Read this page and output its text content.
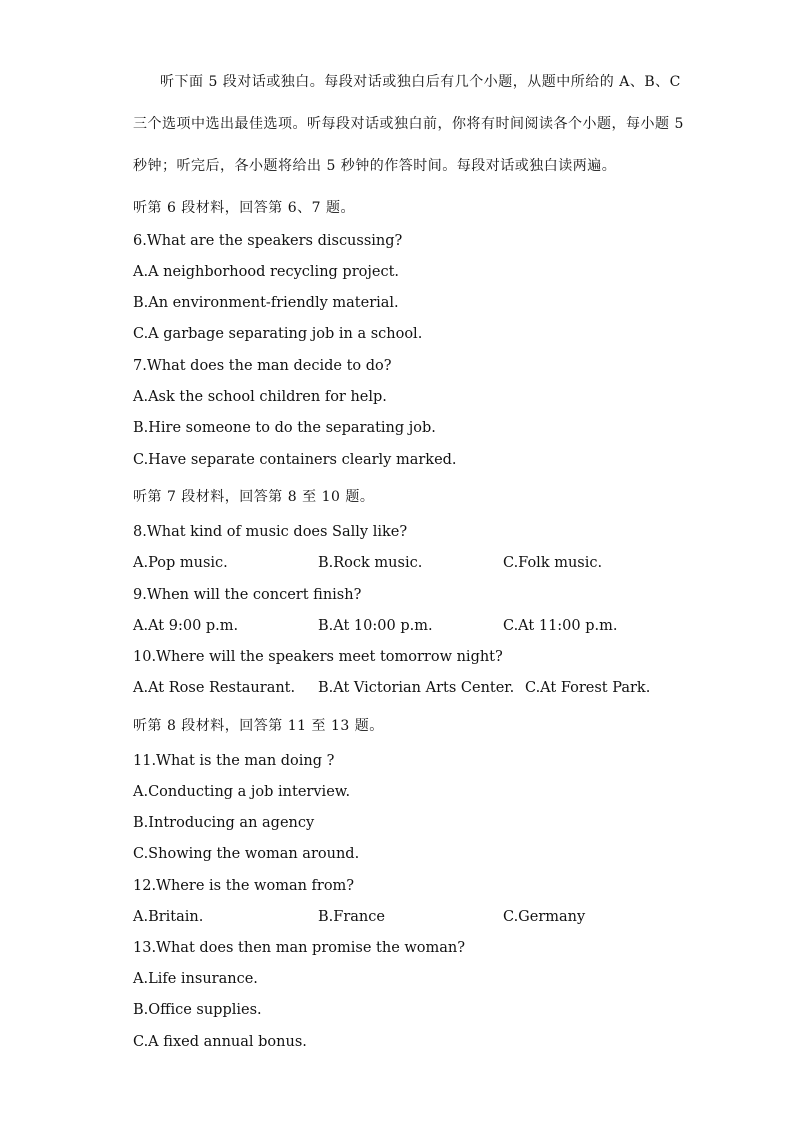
听下面 5 段对话或独白。每段对话或独白后有几个小题，从题中所给的 A、B、C
三个选项中选出最佳选项。听每段对话或独白前，你将有时间阅读各个小题，每小题 5
秒钟；听完后，各小题将给出 5 秒钟的作答时间。每段对话或独白读两遍。
听第 6 段材料，回答第 6、7 题。
6.What are the speakers discussing?
A.A neighborhood recycling project.
B.An environment-friendly material.
C.A garbage separating job in a school.
7.What does the man decide to do?
A.Ask the school children for help.
B.Hire someone to do the separating job.
C.Have separate containers clearly marked.
听第 7 段材料，回答第 8 至 10 题。
8.What kind of music does Sally like?
A.Pop music.	B.Rock music.	C.Folk music.
9.When will the concert finish?
A.At 9:00 p.m.	B.At 10:00 p.m.	C.At 11:00 p.m.
10.Where will the speakers meet tomorrow night?
A.At Rose Restaurant. B.At Victorian Arts Center. C.At Forest Park.
听第 8 段材料，回答第 11 至 13 题。
11.What is the man doing ?
A.Conducting a job interview.
B.Introducing an agency
C.Showing the woman around.
12.Where is the woman from?
A.Britain.	B.France	C.Germany
13.What does then man promise the woman?
A.Life insurance.
B.Office supplies.
C.A fixed annual bonus.
